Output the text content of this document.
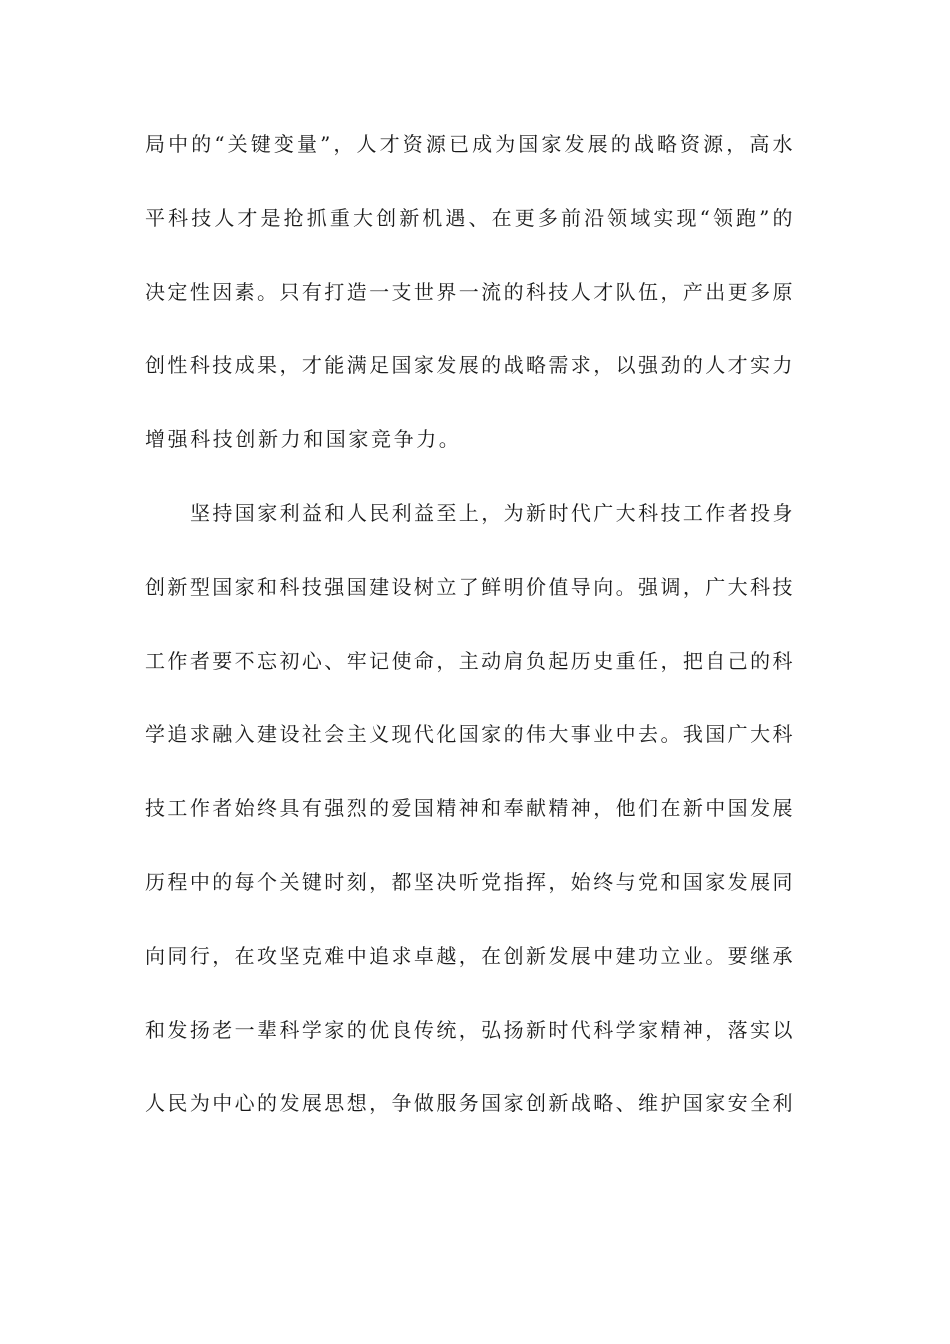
局中的“关键变量”，人才资源已成为国家发展的战略资源，高水
平科技人才是抢抓重大创新机遇、在更多前沿领域实现“领跑”的
决定性因素。只有打造一支世界一流的科技人才队伍，产出更多原
创性科技成果，才能满足国家发展的战略需求，以强劲的人才实力
增强科技创新力和国家竞争力。
坚持国家利益和人民利益至上，为新时代广大科技工作者投身
创新型国家和科技强国建设树立了鲜明价值导向。强调，广大科技
工作者要不忘初心、牢记使命，主动肩负起历史重任，把自己的科
学追求融入建设社会主义现代化国家的伟大事业中去。我国广大科
技工作者始终具有强烈的爱国精神和奉献精神，他们在新中国发展
历程中的每个关键时刻，都坚决听党指挥，始终与党和国家发展同
向同行，在攻坚克难中追求卓越，在创新发展中建功立业。要继承
和发扬老一辈科学家的优良传统，弘扬新时代科学家精神，落实以
人民为中心的发展思想，争做服务国家创新战略、维护国家安全利
